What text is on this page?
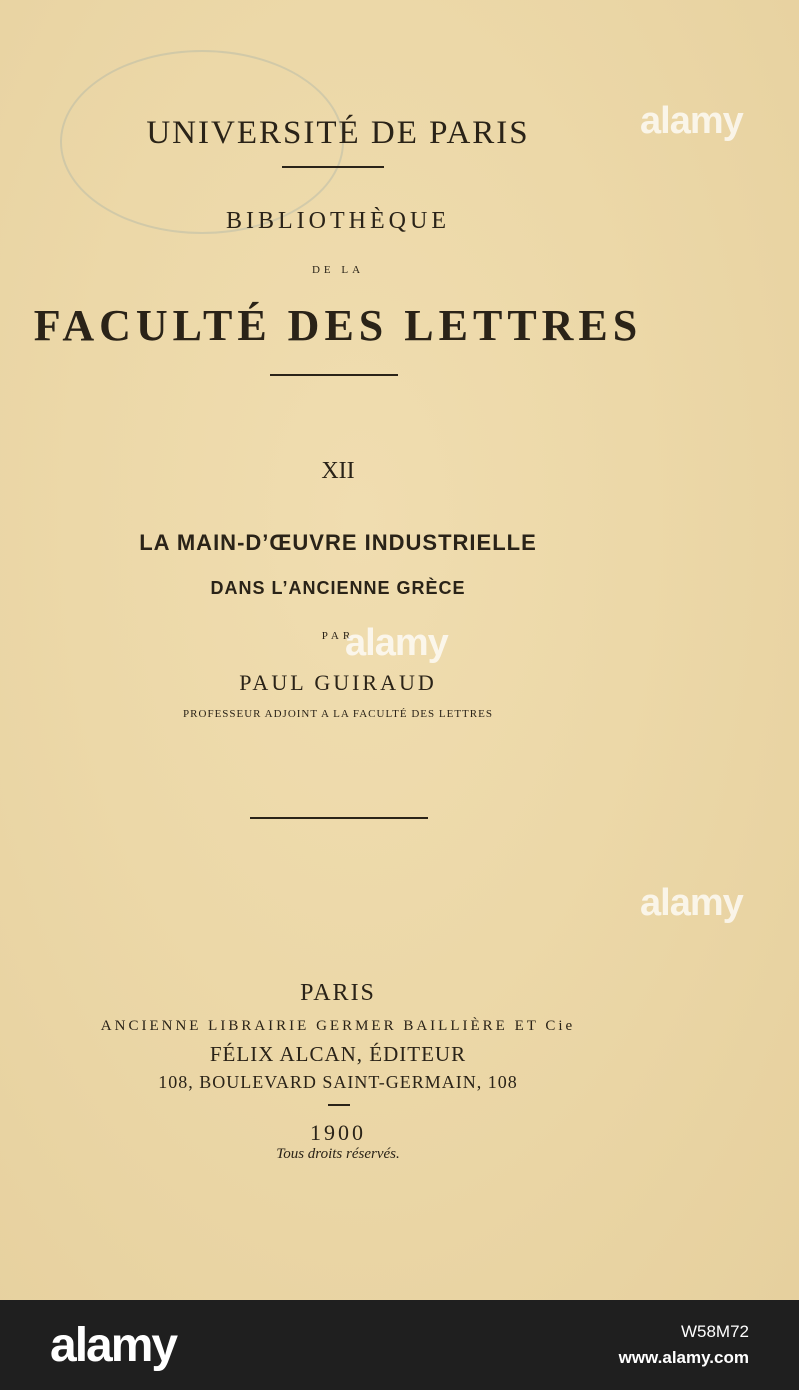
UNIVERSITÉ DE PARIS
BIBLIOTHÈQUE
DE LA
FACULTÉ DES LETTRES
XII
LA MAIN-D’ŒUVRE INDUSTRIELLE
DANS L’ANCIENNE GRÈCE
PAR
PAUL GUIRAUD
PROFESSEUR ADJOINT A LA FACULTÉ DES LETTRES
PARIS
ANCIENNE LIBRAIRIE GERMER BAILLIÈRE ET Cie
FÉLIX ALCAN, ÉDITEUR
108, BOULEVARD SAINT-GERMAIN, 108
1900
Tous droits réservés.
alamy
alamy
alamy
alamy	W58M72
www.alamy.com
